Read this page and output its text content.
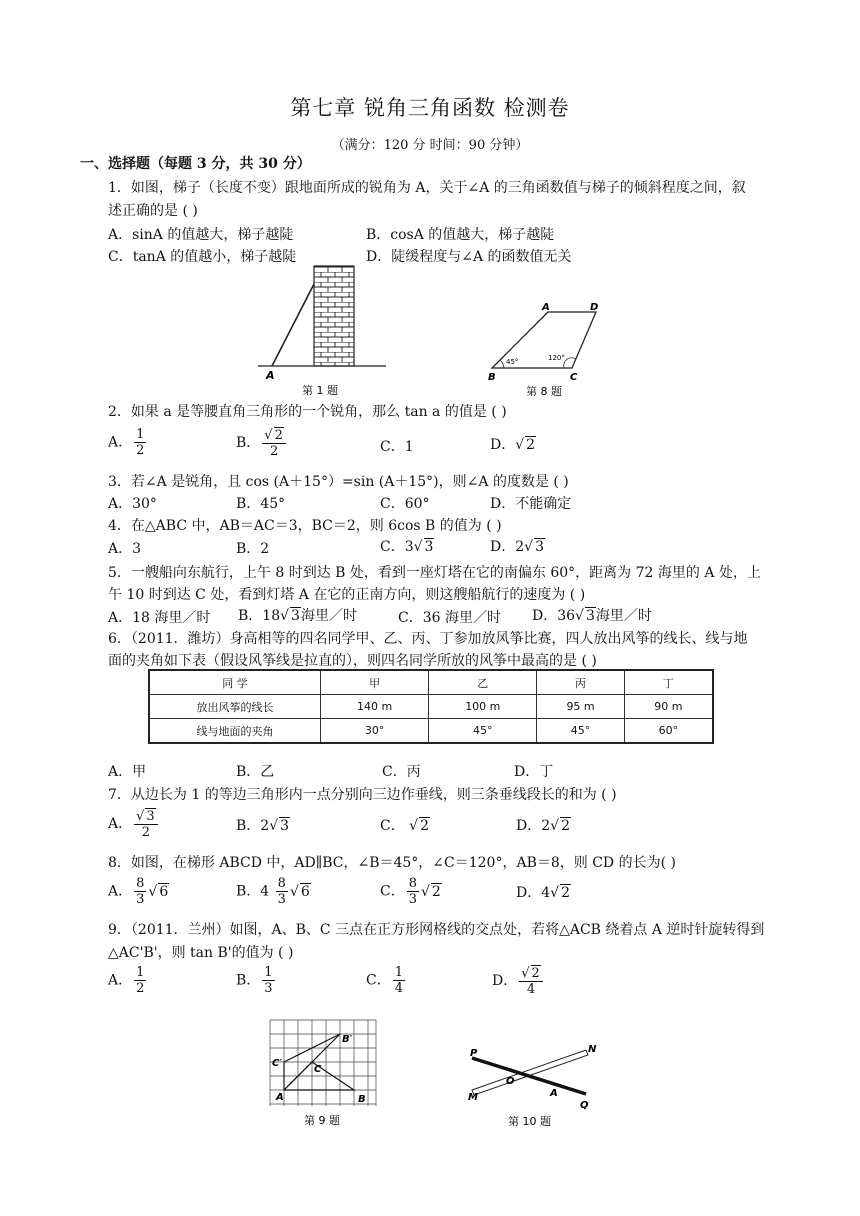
第七章 锐角三角函数 检测卷
（满分：120 分 时间：90 分钟）
一、选择题（每题 3 分，共 30 分）
1．如图，梯子（长度不变）跟地面所成的锐角为 A，关于∠A 的三角函数值与梯子的倾斜程度之间，叙
述正确的是 ( )
A．sinA 的值越大，梯子越陡	B．cosA 的值越大，梯子越陡
C．tanA 的值越小，梯子越陡	D．陡缓程度与∠A 的函数值无关
A
第 1 题
A	D
B	C
45°	120°
第 8 题
2．如果 a 是等腰直角三角形的一个锐角，那么 tan a 的值是 ( )
A． $\frac{1}{2}$	B． $\frac{√ 2}{2}$	C．1	D．√ 2
3．若∠A 是锐角，且 cos (A＋15°）=sin (A＋15°)，则∠A 的度数是 ( )
A．30°	B．45°	C．60°	D．不能确定
4．在△ABC 中，AB＝AC＝3，BC＝2，则 6cos B 的值为 ( )
A．3	B．2	C．3√ 3	D．2√ 3
5．一艘船向东航行，上午 8 时到达 B 处，看到一座灯塔在它的南偏东 60°，距离为 72 海里的 A 处，上
午 10 时到达 C 处，看到灯塔 A 在它的正南方向，则这艘船航行的速度为 ( )
A．18 海里／时 B．18√ 3海里／时	C．36 海里／时 D．36√ 3海里／时
6．（2011．潍坊）身高相等的四名同学甲、乙、丙、丁参加放风筝比赛，四人放出风筝的线长、线与地
面的夹角如下表（假设风筝线是拉直的），则四名同学所放的风筝中最高的是 ( )
同 学	甲	乙	丙	丁
放出风筝的线长	140 m	100 m	95 m	90 m
线与地面的夹角	30°	45°	45°	60°
A．甲	B．乙	C．丙	D．丁
7．从边长为 1 的等边三角形内一点分别向三边作垂线，则三条垂线段长的和为 ( )
A． $\frac{√ 3}{2}$	B．2√ 3	C． √ 2	D．2√ 2
8．如图，在梯形 ABCD 中，AD∥BC，∠B＝45°，∠C＝120°，AB＝8，则 CD 的长为( )
A． $\frac{8}{3}$ √ 6	B．$4 \frac{8}{3}$ √ 6	C． $\frac{8}{3}$ √ 2	D．4√ 2
9．（2011．兰州）如图，A、B、C 三点在正方形网格线的交点处，若将△ACB 绕着点 A 逆时针旋转得到
△AC'B'，则 tan B'的值为 ( )
A． $\frac{1}{2}$	B． $\frac{1}{3}$	C． $\frac{1}{4}$	D． $\frac{√ 2}{4}$
A	B
C
C′
B′
第 9 题
P	N
O
M	A
Q
第 10 题
